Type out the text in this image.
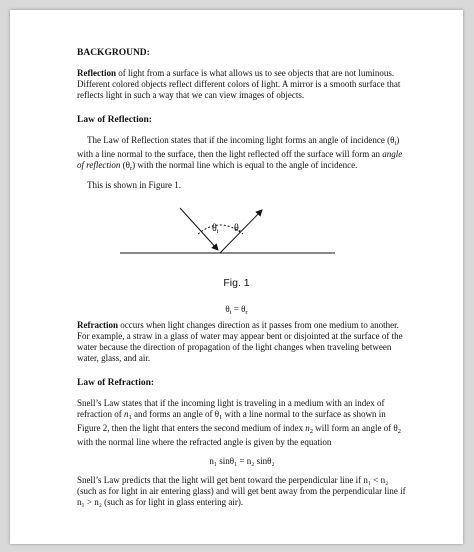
BACKGROUND:

Reflection of light from a surface is what allows us to see objects that are not luminous. Different colored objects reflect different colors of light. A mirror is a smooth surface that reflects light in such a way that we can view images of objects.

Law of Reflection:

The Law of Reflection states that if the incoming light forms an angle of incidence $(\theta_i)$ with a line normal to the surface, then the light reflected off the surface will form an angle of reflection $(\theta_r)$ with the normal line which is equal to the angle of incidence.

This is shown in Figure 1.

$\theta_i$ $\theta_r$
Fig. 1
$\theta_i = \theta_r$

Refraction occurs when light changes direction as it passes from one medium to another. For example, a straw in a glass of water may appear bent or disjointed at the surface of the water because the direction of propagation of the light changes when traveling between water, glass, and air.

Law of Refraction:

Snell’s Law states that if the incoming light is traveling in a medium with an index of refraction of $n_1$ and forms an angle of $\theta_1$ with a line normal to the surface as shown in Figure 2, then the light that enters the second medium of index $n_2$ will form an angle of $\theta_2$ with the normal line where the refracted angle is given by the equation

n₁ sinθ₁ = n₂ sinθ₂

Snell’s Law predicts that the light will get bent toward the perpendicular line if n₁ < n₂ (such as for light in air entering glass) and will get bent away from the perpendicular line if n₁ > n₂ (such as for light in glass entering air).
